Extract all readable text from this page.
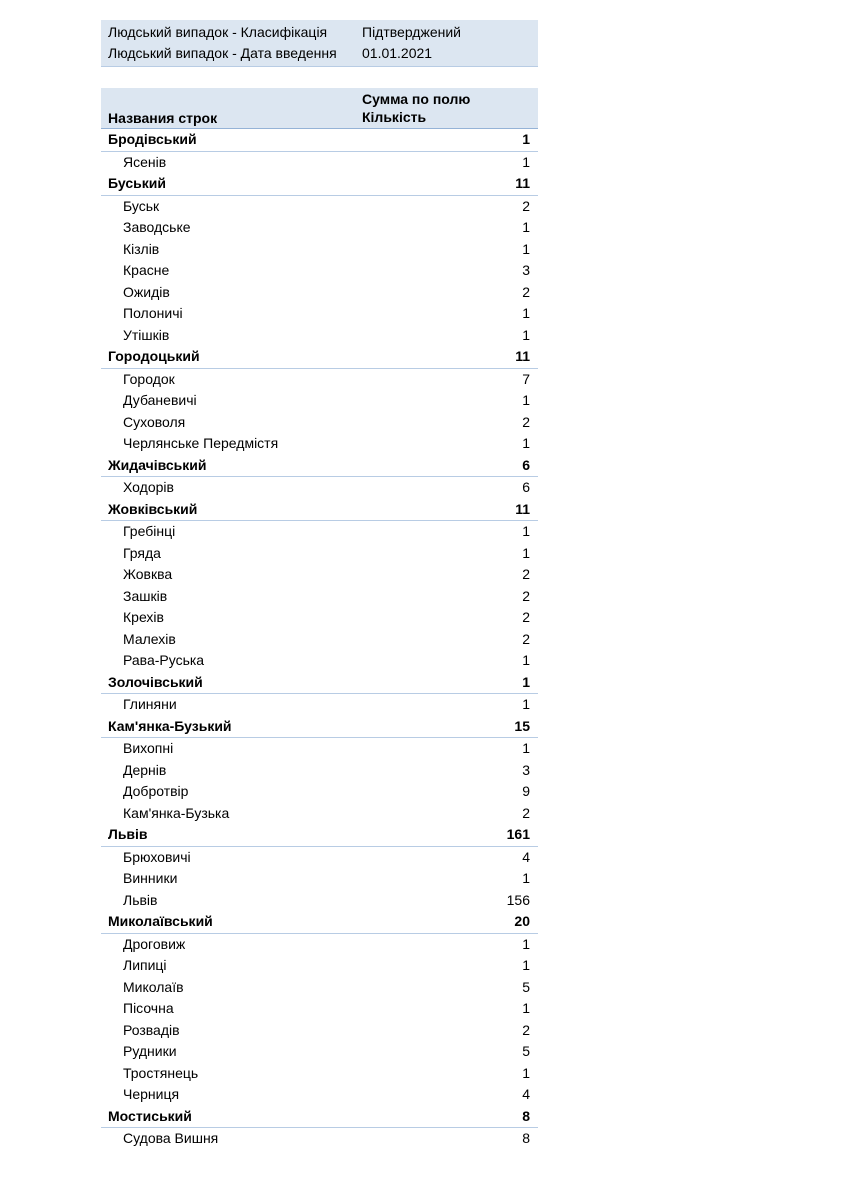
Людський випадок - Класифікація	Підтверджений
Людський випадок - Дата введення	01.01.2021
Названия строк
Сумма по полю
Кількість
Бродівський	1
Ясенів	1
Буський	11
Буськ	2
Заводське	1
Кізлів	1
Красне	3
Ожидів	2
Полоничі	1
Утішків	1
Городоцький	11
Городок	7
Дубаневичі	1
Суховоля	2
Черлянське Передмістя	1
Жидачівський	6
Ходорів	6
Жовківський	11
Гребінці	1
Гряда	1
Жовква	2
Зашків	2
Крехів	2
Малехів	2
Рава-Руська	1
Золочівський	1
Глиняни	1
Кам'янка-Бузький	15
Вихопні	1
Дернів	3
Добротвір	9
Кам'янка-Бузька	2
Львів	161
Брюховичі	4
Винники	1
Львів	156
Миколаївський	20
Дроговиж	1
Липиці	1
Миколаїв	5
Пісочна	1
Розвадів	2
Рудники	5
Тростянець	1
Черниця	4
Мостиський	8
Судова Вишня	8
